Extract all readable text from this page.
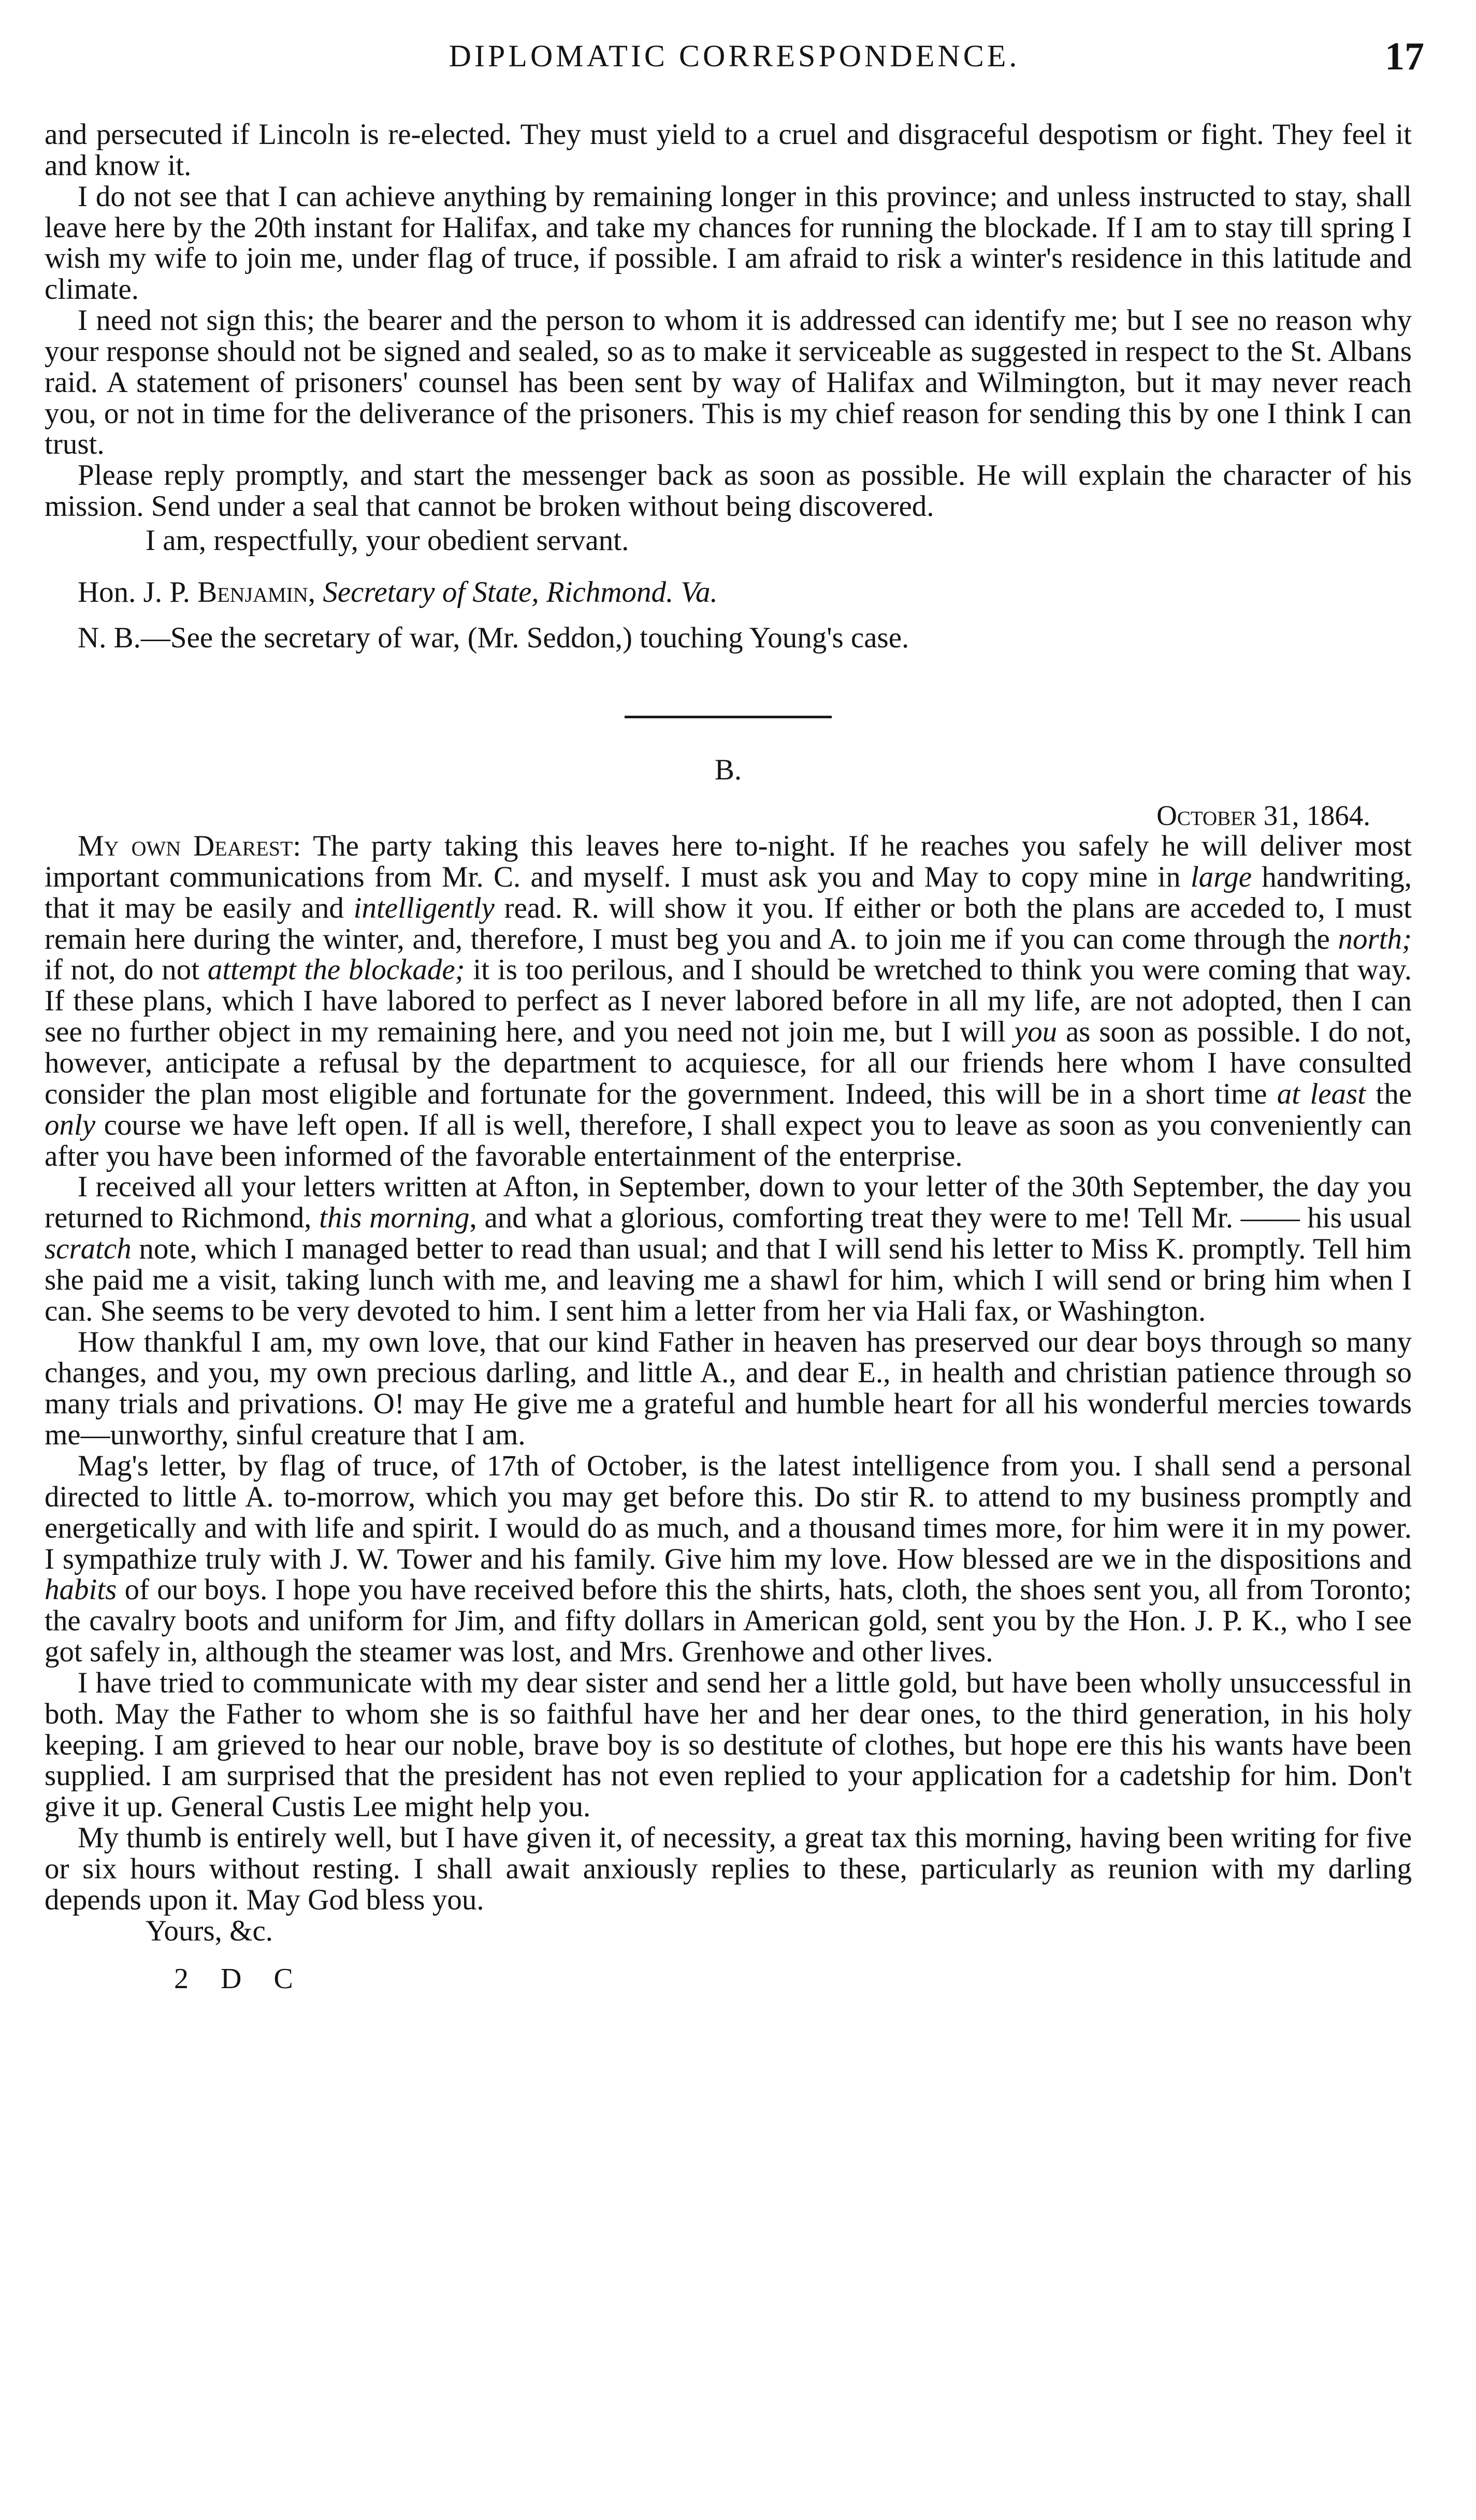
DIPLOMATIC CORRESPONDENCE.	17

and persecuted if Lincoln is re-elected. They must yield to a cruel and disgraceful despotism or fight. They feel it and know it.

I do not see that I can achieve anything by remaining longer in this province; and unless instructed to stay, shall leave here by the 20th instant for Halifax, and take my chances for running the blockade. If I am to stay till spring I wish my wife to join me, under flag of truce, if possible. I am afraid to risk a winter's residence in this latitude and climate.

I need not sign this; the bearer and the person to whom it is addressed can identify me; but I see no reason why your response should not be signed and sealed, so as to make it serviceable as suggested in respect to the St. Albans raid. A statement of prisoners' counsel has been sent by way of Halifax and Wilmington, but it may never reach you, or not in time for the deliverance of the prisoners. This is my chief reason for sending this by one I think I can trust.

Please reply promptly, and start the messenger back as soon as possible. He will explain the character of his mission. Send under a seal that cannot be broken without being discovered.

I am, respectfully, your obedient servant.

Hon. J. P. Benjamin, Secretary of State, Richmond. Va.

N. B.—See the secretary of war, (Mr. Seddon,) touching Young's case.

B.

October 31, 1864.

My own Dearest: The party taking this leaves here to-night. If he reaches you safely he will deliver most important communications from Mr. C. and myself. I must ask you and May to copy mine in large handwriting, that it may be easily and intelligently read. R. will show it you. If either or both the plans are acceded to, I must remain here during the winter, and, therefore, I must beg you and A. to join me if you can come through the north; if not, do not attempt the blockade; it is too perilous, and I should be wretched to think you were coming that way. If these plans, which I have labored to perfect as I never labored before in all my life, are not adopted, then I can see no further object in my remaining here, and you need not join me, but I will you as soon as possible. I do not, however, anticipate a refusal by the department to acquiesce, for all our friends here whom I have consulted consider the plan most eligible and fortunate for the government. Indeed, this will be in a short time at least the only course we have left open. If all is well, therefore, I shall expect you to leave as soon as you conveniently can after you have been informed of the favorable entertainment of the enterprise.

I received all your letters written at Afton, in September, down to your letter of the 30th September, the day you returned to Richmond, this morning, and what a glorious, comforting treat they were to me! Tell Mr. —— his usual scratch note, which I managed better to read than usual; and that I will send his letter to Miss K. promptly. Tell him she paid me a visit, taking lunch with me, and leaving me a shawl for him, which I will send or bring him when I can. She seems to be very devoted to him. I sent him a letter from her via Hali fax, or Washington.

How thankful I am, my own love, that our kind Father in heaven has preserved our dear boys through so many changes, and you, my own precious darling, and little A., and dear E., in health and christian patience through so many trials and privations. O! may He give me a grateful and humble heart for all his wonderful mercies towards me—unworthy, sinful creature that I am.

Mag's letter, by flag of truce, of 17th of October, is the latest intelligence from you. I shall send a personal directed to little A. to-morrow, which you may get before this. Do stir R. to attend to my business promptly and energetically and with life and spirit. I would do as much, and a thousand times more, for him were it in my power. I sympathize truly with J. W. Tower and his family. Give him my love. How blessed are we in the dispositions and habits of our boys. I hope you have received before this the shirts, hats, cloth, the shoes sent you, all from Toronto; the cavalry boots and uniform for Jim, and fifty dollars in American gold, sent you by the Hon. J. P. K., who I see got safely in, although the steamer was lost, and Mrs. Grenhowe and other lives.

I have tried to communicate with my dear sister and send her a little gold, but have been wholly unsuccessful in both. May the Father to whom she is so faithful have her and her dear ones, to the third generation, in his holy keeping. I am grieved to hear our noble, brave boy is so destitute of clothes, but hope ere this his wants have been supplied. I am surprised that the president has not even replied to your application for a cadetship for him. Don't give it up. General Custis Lee might help you.

My thumb is entirely well, but I have given it, of necessity, a great tax this morning, having been writing for five or six hours without resting. I shall await anxiously replies to these, particularly as reunion with my darling depends upon it. May God bless you.

Yours, &c.

2 D C
